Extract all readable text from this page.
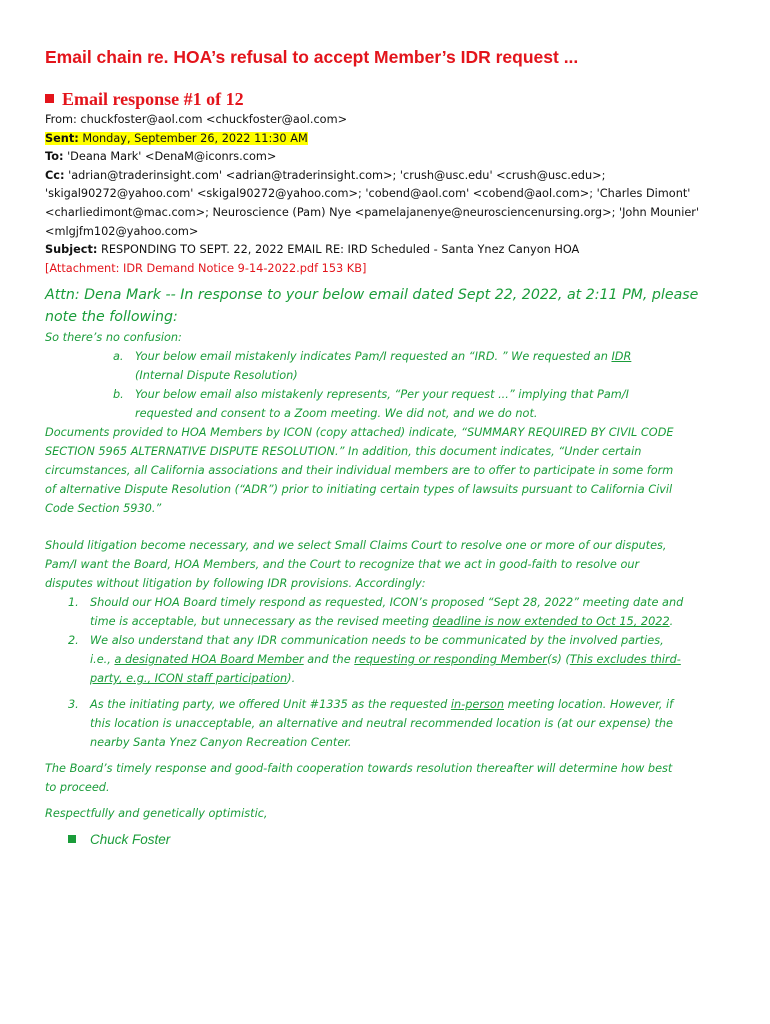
Email chain re. HOA’s refusal to accept Member’s IDR request ...
Email response #1 of 12

From: chuckfoster@aol.com <chuckfoster@aol.com>

Sent: Monday, September 26, 2022 11:30 AM

To: 'Deana Mark' <DenaM@iconrs.com>

Cc: 'adrian@traderinsight.com' <adrian@traderinsight.com>; 'crush@usc.edu' <crush@usc.edu>;

'skigal90272@yahoo.com' <skigal90272@yahoo.com>; 'cobend@aol.com' <cobend@aol.com>; 'Charles Dimont'

<charliedimont@mac.com>; Neuroscience (Pam) Nye <pamelajanenye@neurosciencenursing.org>; 'John Mounier'

<mlgjfm102@yahoo.com>

Subject: RESPONDING TO SEPT. 22, 2022 EMAIL RE: IRD Scheduled - Santa Ynez Canyon HOA

[Attachment: IDR Demand Notice 9-14-2022.pdf 153 KB]

Attn: Dena Mark -- In response to your below email dated Sept 22, 2022, at 2:11 PM, please

note the following:

So there’s no confusion:

a. Your below email mistakenly indicates Pam/I requested an “IRD. ” We requested an IDR
(Internal Dispute Resolution)
b. Your below email also mistakenly represents, “Per your request ...” implying that Pam/I
requested and consent to a Zoom meeting. We did not, and we do not.

Documents provided to HOA Members by ICON (copy attached) indicate, “SUMMARY REQUIRED BY CIVIL CODE
SECTION 5965 ALTERNATIVE DISPUTE RESOLUTION.” In addition, this document indicates, “Under certain
circumstances, all California associations and their individual members are to offer to participate in some form
of alternative Dispute Resolution (“ADR”) prior to initiating certain types of lawsuits pursuant to California Civil
Code Section 5930.”

Should litigation become necessary, and we select Small Claims Court to resolve one or more of our disputes,
Pam/I want the Board, HOA Members, and the Court to recognize that we act in good-faith to resolve our
disputes without litigation by following IDR provisions. Accordingly:

1. Should our HOA Board timely respond as requested, ICON’s proposed “Sept 28, 2022” meeting date and
time is acceptable, but unnecessary as the revised meeting deadline is now extended to Oct 15, 2022.
2. We also understand that any IDR communication needs to be communicated by the involved parties,
i.e., a designated HOA Board Member and the requesting or responding Member(s) (This excludes third-
party, e.g., ICON staff participation).
3. As the initiating party, we offered Unit #1335 as the requested in-person meeting location. However, if
this location is unacceptable, an alternative and neutral recommended location is (at our expense) the
nearby Santa Ynez Canyon Recreation Center.

The Board’s timely response and good-faith cooperation towards resolution thereafter will determine how best
to proceed.

Respectfully and genetically optimistic,

Chuck Foster
